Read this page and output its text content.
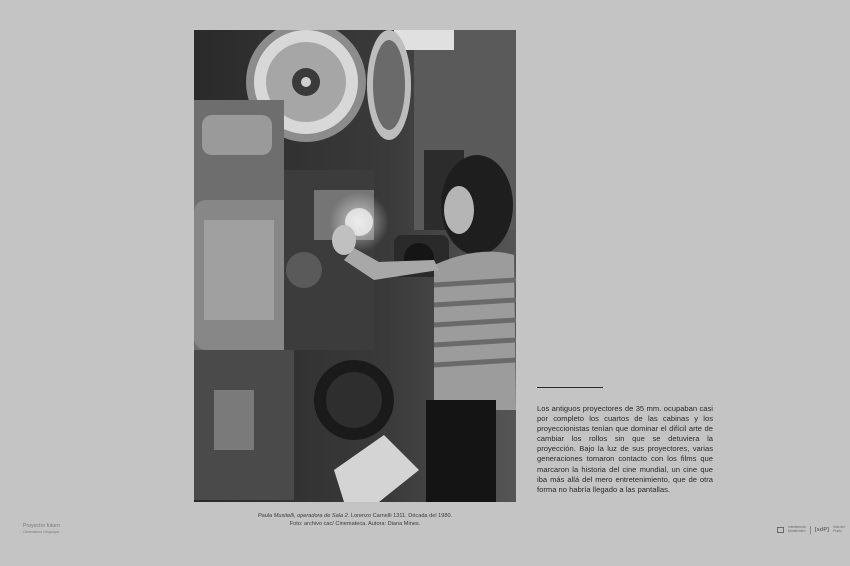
Paula Musitelli, operadora de Sala 2. Lorenzo Carnelli 1311. Década del 1980.
Foto: archivo cac/ Cinemateca. Autora: Diana Mines.
Los antiguos proyectores de 35 mm. ocupaban casi por completo los cuartos de las cabinas y los proyeccionistas tenían que dominar el difícil arte de cambiar los rollos sin que se detuviera la proyección. Bajo la luz de sus proyectores, varias generaciones tomaron contacto con los films que marcaron la historia del cine mundial, un cine que iba más allá del mero entretenimiento, que de otra forma no habría llegado a las pantallas.
Proyector futuro
Cinemateca Uruguaya
Intendencia Montevideo [sdP] Sala del Prado
